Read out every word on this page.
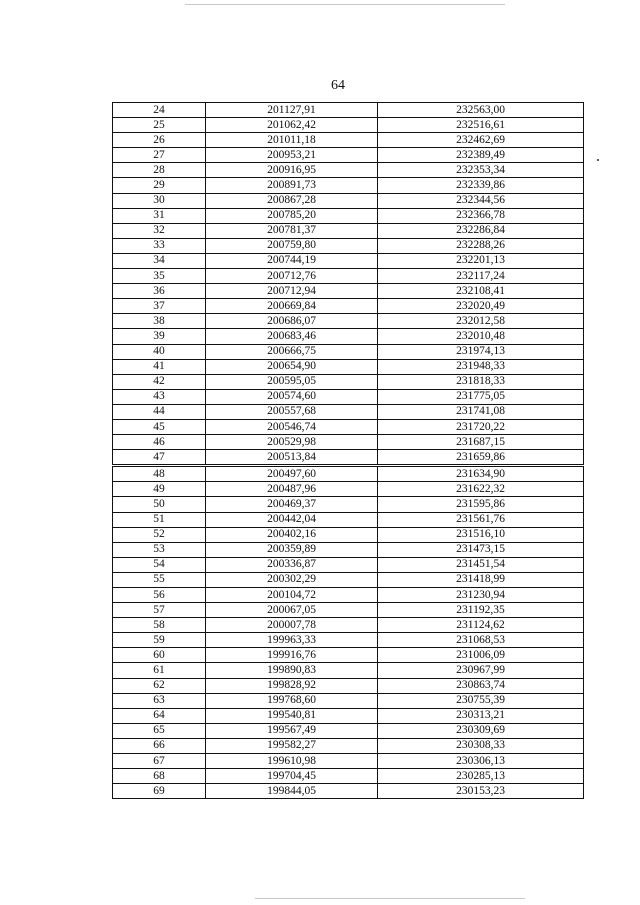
64
24	201127,91	232563,00
25	201062,42	232516,61
26	201011,18	232462,69
27	200953,21	232389,49
28	200916,95	232353,34
29	200891,73	232339,86
30	200867,28	232344,56
31	200785,20	232366,78
32	200781,37	232286,84
33	200759,80	232288,26
34	200744,19	232201,13
35	200712,76	232117,24
36	200712,94	232108,41
37	200669,84	232020,49
38	200686,07	232012,58
39	200683,46	232010,48
40	200666,75	231974,13
41	200654,90	231948,33
42	200595,05	231818,33
43	200574,60	231775,05
44	200557,68	231741,08
45	200546,74	231720,22
46	200529,98	231687,15
47	200513,84	231659,86
48	200497,60	231634,90
49	200487,96	231622,32
50	200469,37	231595,86
51	200442,04	231561,76
52	200402,16	231516,10
53	200359,89	231473,15
54	200336,87	231451,54
55	200302,29	231418,99
56	200104,72	231230,94
57	200067,05	231192,35
58	200007,78	231124,62
59	199963,33	231068,53
60	199916,76	231006,09
61	199890,83	230967,99
62	199828,92	230863,74
63	199768,60	230755,39
64	199540,81	230313,21
65	199567,49	230309,69
66	199582,27	230308,33
67	199610,98	230306,13
68	199704,45	230285,13
69	199844,05	230153,23
